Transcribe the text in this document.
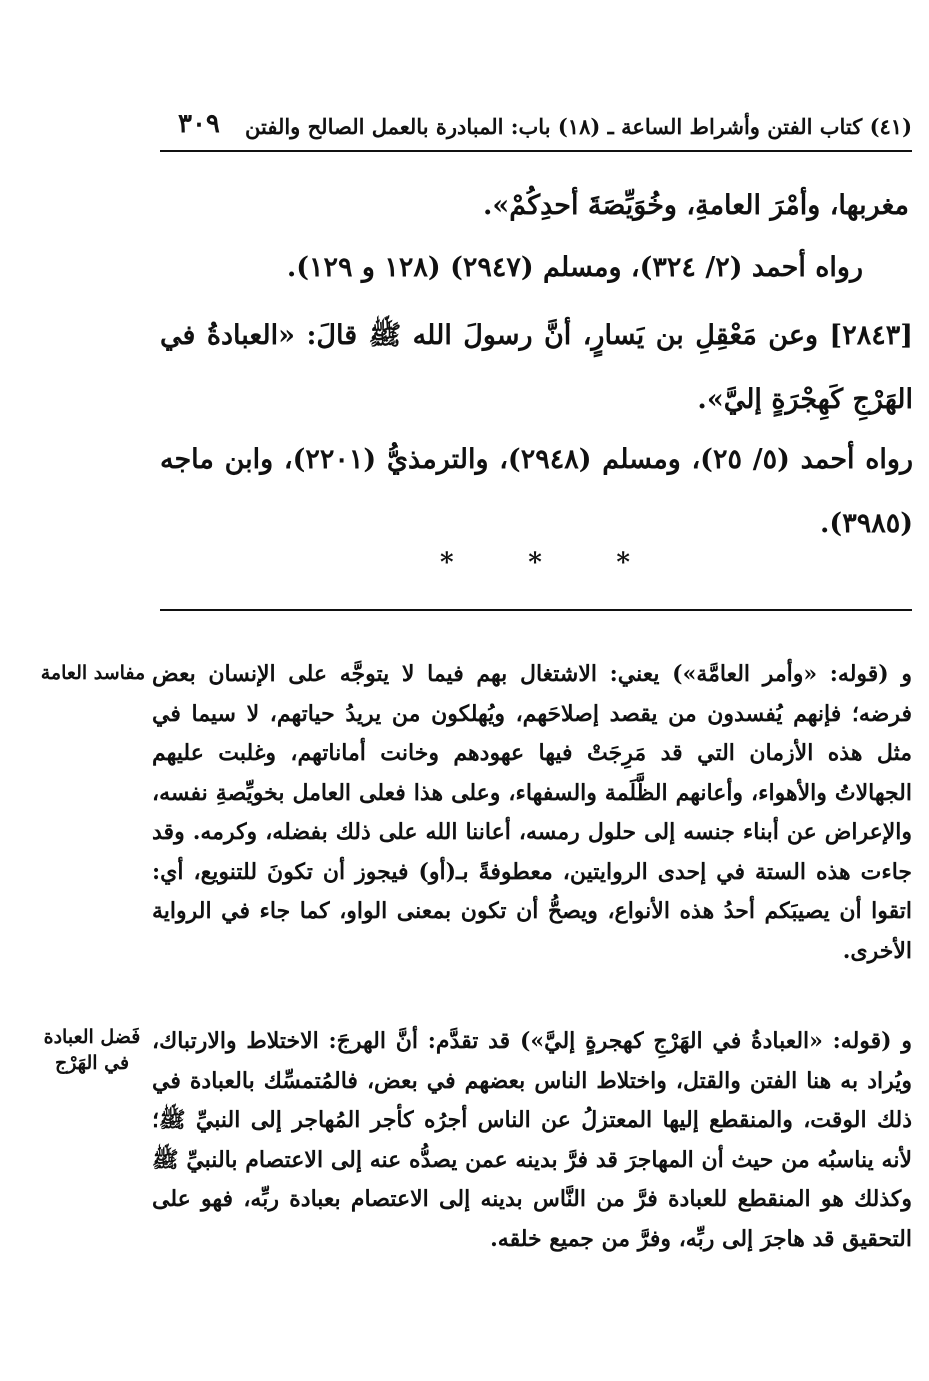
(٤١) كتاب الفتن وأشراط الساعة ـ (١٨) باب: المبادرة بالعمل الصالح والفتن
٣٠٩
مغربها، وأمْرَ العامةِ، وخُوَيِّصَةَ أحدِكُمْ».
رواه أحمد (٢/ ٣٢٤)، ومسلم (٢٩٤٧) (١٢٨ و ١٢٩).
[٢٨٤٣] وعن مَعْقِلِ بن يَسارٍ، أنَّ رسولَ الله ﷺ قالَ: «العبادةُ في الهَرْجِ كَهِجْرَةٍ إليَّ».
رواه أحمد (٥/ ٢٥)، ومسلم (٢٩٤٨)، والترمذيُّ (٢٢٠١)، وابن ماجه (٣٩٨٥).
*	*	*
و (قوله: «وأمر العامَّة») يعني: الاشتغال بهم فيما لا يتوجَّه على الإنسان بعض فرضه؛ فإنهم يُفسدون من يقصد إصلاحَهم، ويُهلكون من يريدُ حياتهم، لا سيما في مثل هذه الأزمان التي قد مَرِجَتْ فيها عهودهم وخانت أماناتهم، وغلبت عليهم الجهالاتُ والأهواء، وأعانهم الظَّلَمة والسفهاء، وعلى هذا فعلى العامل بخويِّصةِ نفسه، والإعراض عن أبناء جنسه إلى حلول رمسه، أعاننا الله على ذلك بفضله، وكرمه. وقد جاءت هذه الستة في إحدى الروايتين، معطوفةً بـ(أو) فيجوز أن تكونَ للتنويع، أي: اتقوا أن يصيبَكم أحدُ هذه الأنواع، ويصحُّ أن تكون بمعنى الواو، كما جاء في الرواية الأخرى.
مفاسد العامة
و (قوله: «العبادةُ في الهَرْجِ كهجرةٍ إليَّ») قد تقدَّم: أنَّ الهرجَ: الاختلاط والارتباك، ويُراد به هنا الفتن والقتل، واختلاط الناس بعضهم في بعض، فالمُتمسِّك بالعبادة في ذلك الوقت، والمنقطع إليها المعتزلُ عن الناس أجرُه كأجر المُهاجر إلى النبيِّ ﷺ؛ لأنه يناسبُه من حيث أن المهاجرَ قد فرَّ بدينه عمن يصدُّه عنه إلى الاعتصام بالنبيِّ ﷺ وكذلك هو المنقطع للعبادة فرَّ من النَّاس بدينه إلى الاعتصام بعبادة ربِّه، فهو على التحقيق قد هاجرَ إلى ربِّه، وفرَّ من جميع خلقه.
فَضل العبادة في الهَرْج
